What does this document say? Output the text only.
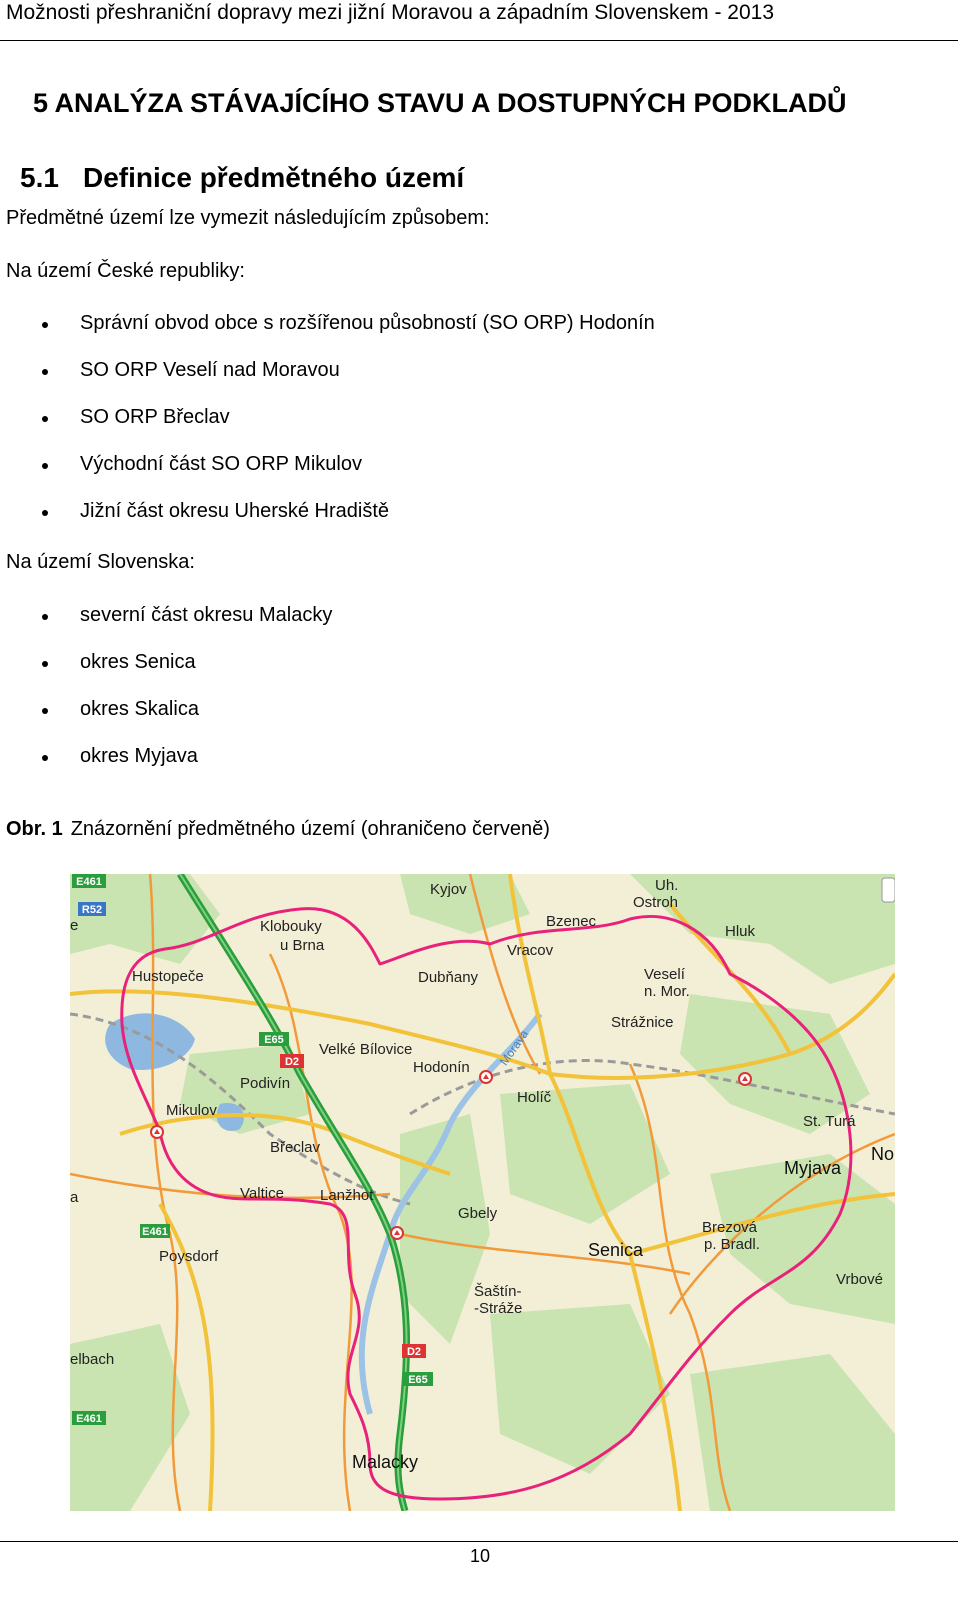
Možnosti přeshraniční dopravy mezi jižní Moravou a západním Slovenskem - 2013
5 ANALÝZA STÁVAJÍCÍHO STAVU A DOSTUPNÝCH PODKLADŮ
5.1 Definice předmětného území
Předmětné území lze vymezit následujícím způsobem:
Na území České republiky:
Správní obvod obce s rozšířenou působností (SO ORP) Hodonín
SO ORP Veselí nad Moravou
SO ORP Břeclav
Východní část SO ORP Mikulov
Jižní část okresu Uherské Hradiště
Na území Slovenska:
severní část okresu Malacky
okres Senica
okres Skalica
okres Myjava
Obr. 1 Znázornění předmětného území (ohraničeno červeně)
E461
R52
E65
D2
E461
D2
E65
E461
Kyjov	Uh.
Ostroh
Bzenec
Hluk
Klobouky
u Brna	Vracov
Hustopeče	Dubňany	Veselí
n. Mor.
Strážnice
Velké Bílovice
Hodonín Morava
Podivín
Holíč
Mikulov
St. Turá
Břeclav
Myjava
No
Valtice Lanžhot
Gbely
Poysdorf	Senica
Brezová
p. Bradl.
Vrbové
Šaštín-
-Stráže
elbach
Malacky
a
e
10
